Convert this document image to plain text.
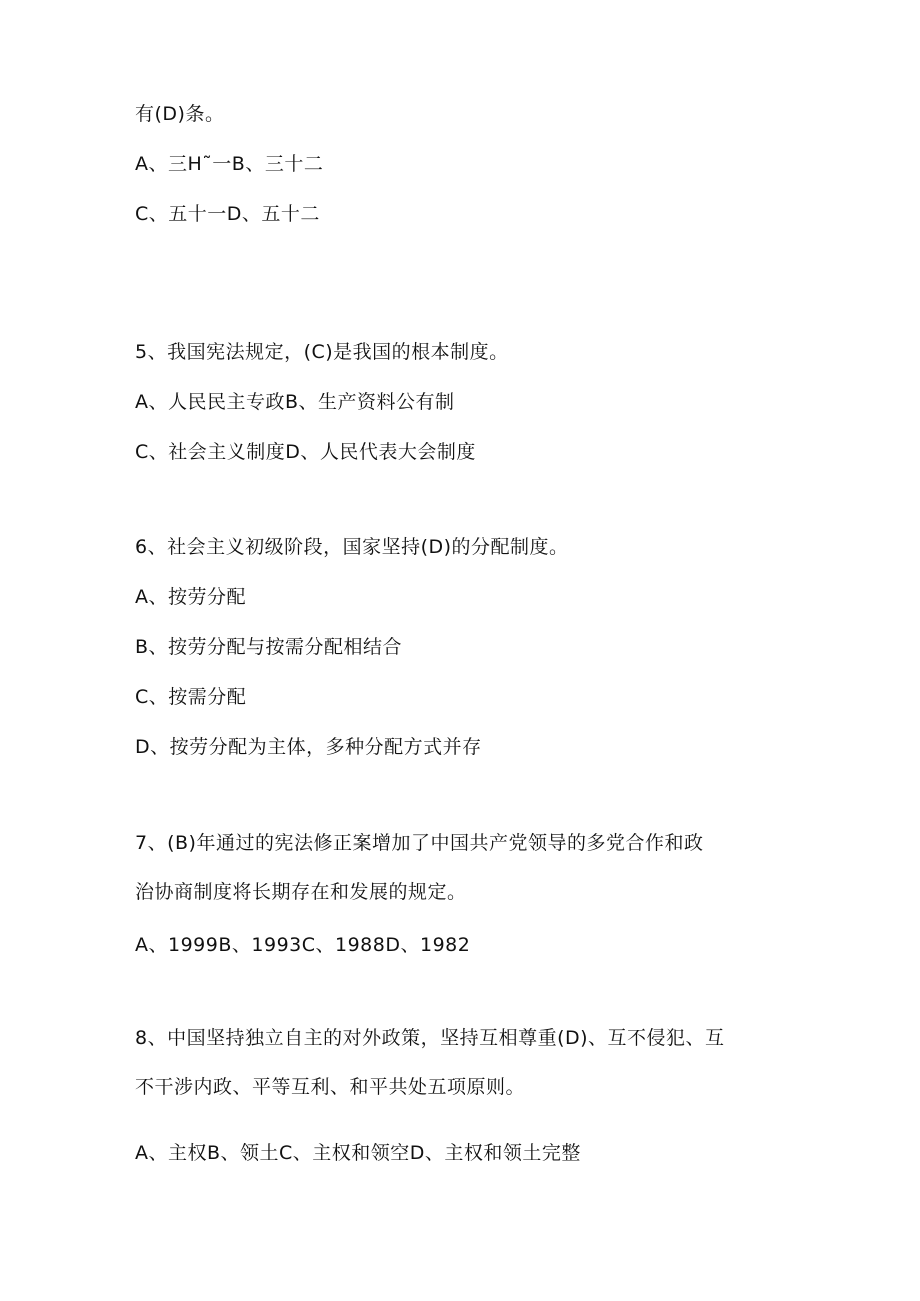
有(D)条。
A、三H˜一B、三十二
C、五十一D、五十二
5、我国宪法规定，(C)是我国的根本制度。
A、人民民主专政B、生产资料公有制
C、社会主义制度D、人民代表大会制度
6、社会主义初级阶段，国家坚持(D)的分配制度。
A、按劳分配
B、按劳分配与按需分配相结合
C、按需分配
D、按劳分配为主体，多种分配方式并存
7、(B)年通过的宪法修正案增加了中国共产党领导的多党合作和政
治协商制度将长期存在和发展的规定。
A、1999B、1993C、1988D、1982
8、中国坚持独立自主的对外政策，坚持互相尊重(D)、互不侵犯、互
不干涉内政、平等互利、和平共处五项原则。
A、主权B、领土C、主权和领空D、主权和领土完整
